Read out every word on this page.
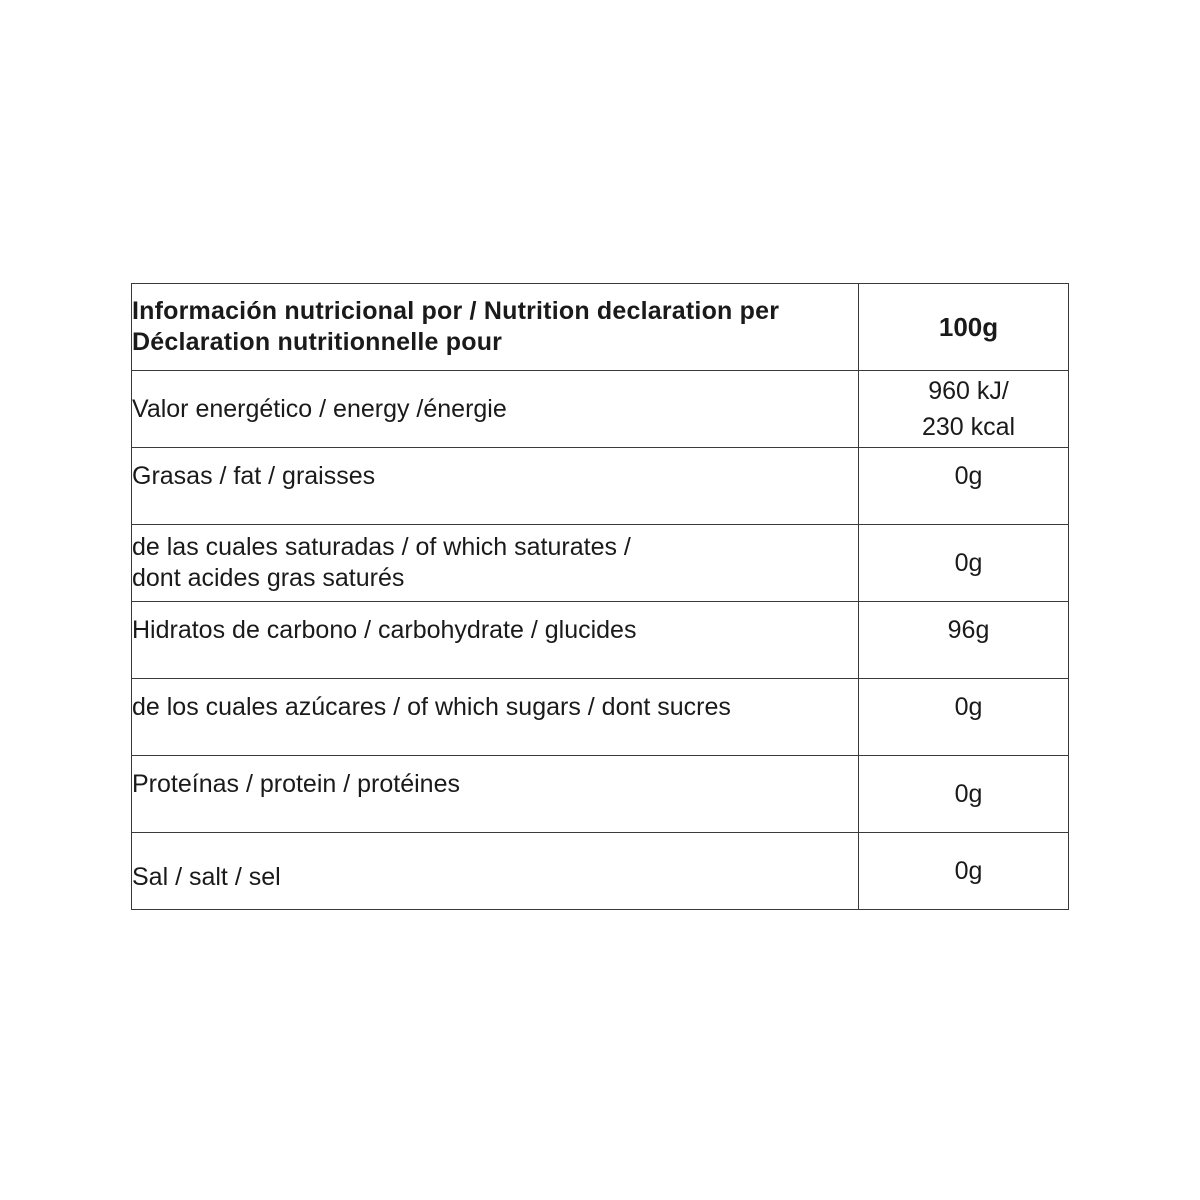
Información nutricional por / Nutrition declaration per
Déclaration nutritionnelle pour	100g

Valor energético / energy /énergie	960 kJ/
230 kcal

Grasas / fat / graisses	0g

de las cuales saturadas / of which saturates /
dont acides gras saturés	0g

Hidratos de carbono / carbohydrate / glucides	96g

de los cuales azúcares / of which sugars / dont sucres	0g

Proteínas / protein / protéines	0g

Sal / salt / sel	0g
